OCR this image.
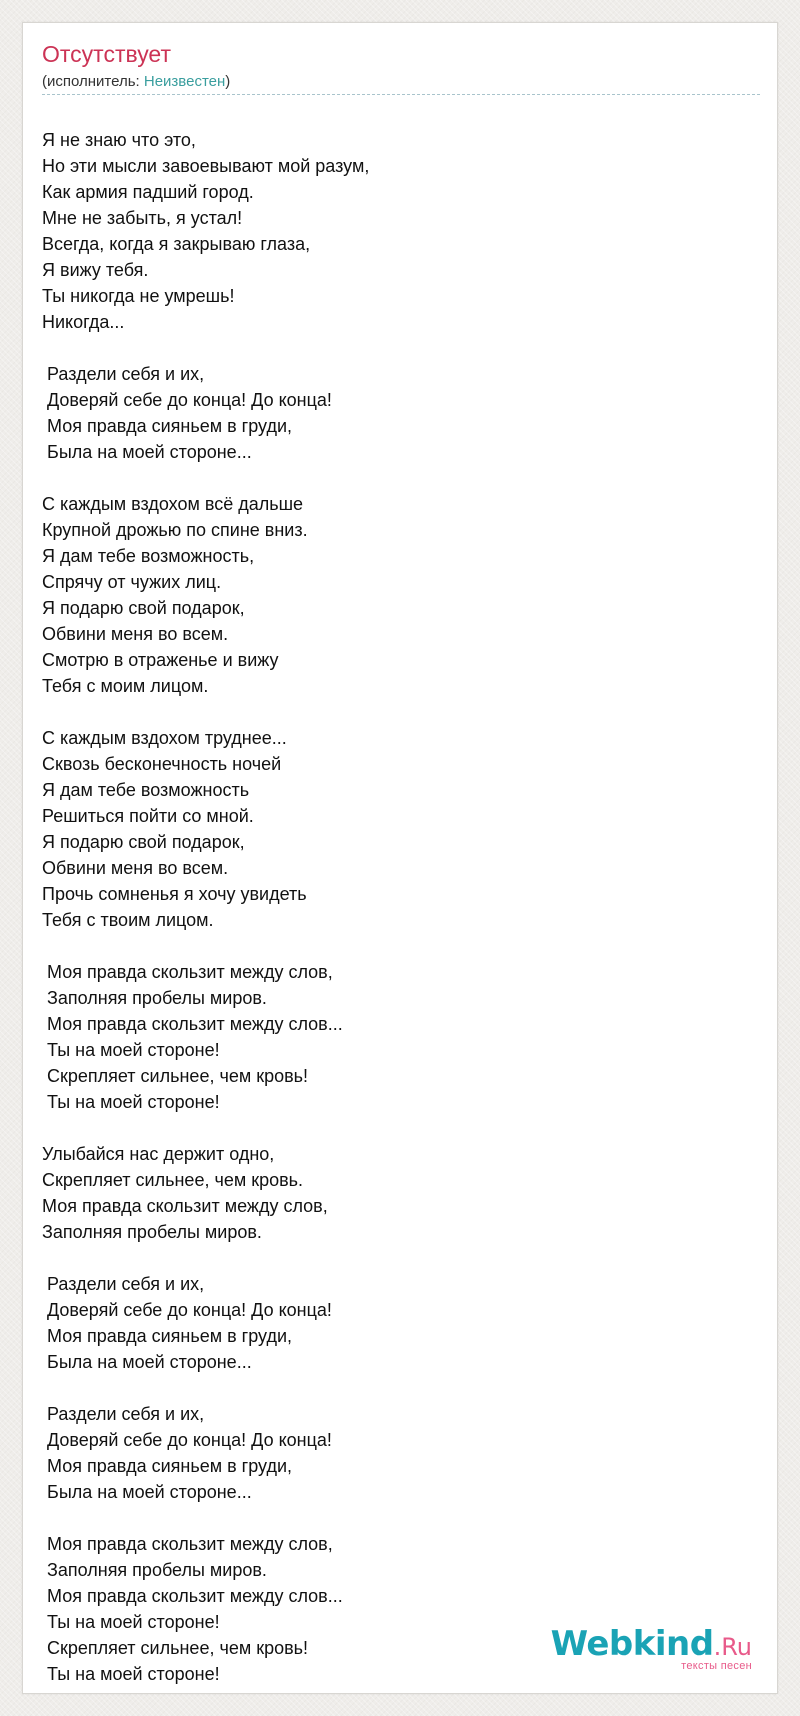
Отсутствует
(исполнитель: Неизвестен)
Я не знаю что это,
Но эти мысли завоевывают мой разум,
Как армия падший город.
Мне не забыть, я устал!
Всегда, когда я закрываю глаза,
Я вижу тебя.
Ты никогда не умрешь!
Никогда...

Раздели себя и их,
Доверяй себе до конца! До конца!
Моя правда сияньем в груди,
Была на моей стороне...

С каждым вздохом всё дальше
Крупной дрожью по спине вниз.
Я дам тебе возможность,
Спрячу от чужих лиц.
Я подарю свой подарок,
Обвини меня во всем.
Смотрю в отраженье и вижу
Тебя с моим лицом.

С каждым вздохом труднее...
Сквозь бесконечность ночей
Я дам тебе возможность
Решиться пойти со мной.
Я подарю свой подарок,
Обвини меня во всем.
Прочь сомненья я хочу увидеть
Тебя с твоим лицом.

Моя правда скользит между слов,
Заполняя пробелы миров.
Моя правда скользит между слов...
Ты на моей стороне!
Скрепляет сильнее, чем кровь!
Ты на моей стороне!

Улыбайся нас держит одно,
Скрепляет сильнее, чем кровь.
Моя правда скользит между слов,
Заполняя пробелы миров.

Раздели себя и их,
Доверяй себе до конца! До конца!
Моя правда сияньем в груди,
Была на моей стороне...

Раздели себя и их,
Доверяй себе до конца! До конца!
Моя правда сияньем в груди,
Была на моей стороне...

Моя правда скользит между слов,
Заполняя пробелы миров.
Моя правда скользит между слов...
Ты на моей стороне!
Скрепляет сильнее, чем кровь!
Ты на моей стороне!
Webkind.Ru
тексты песен
